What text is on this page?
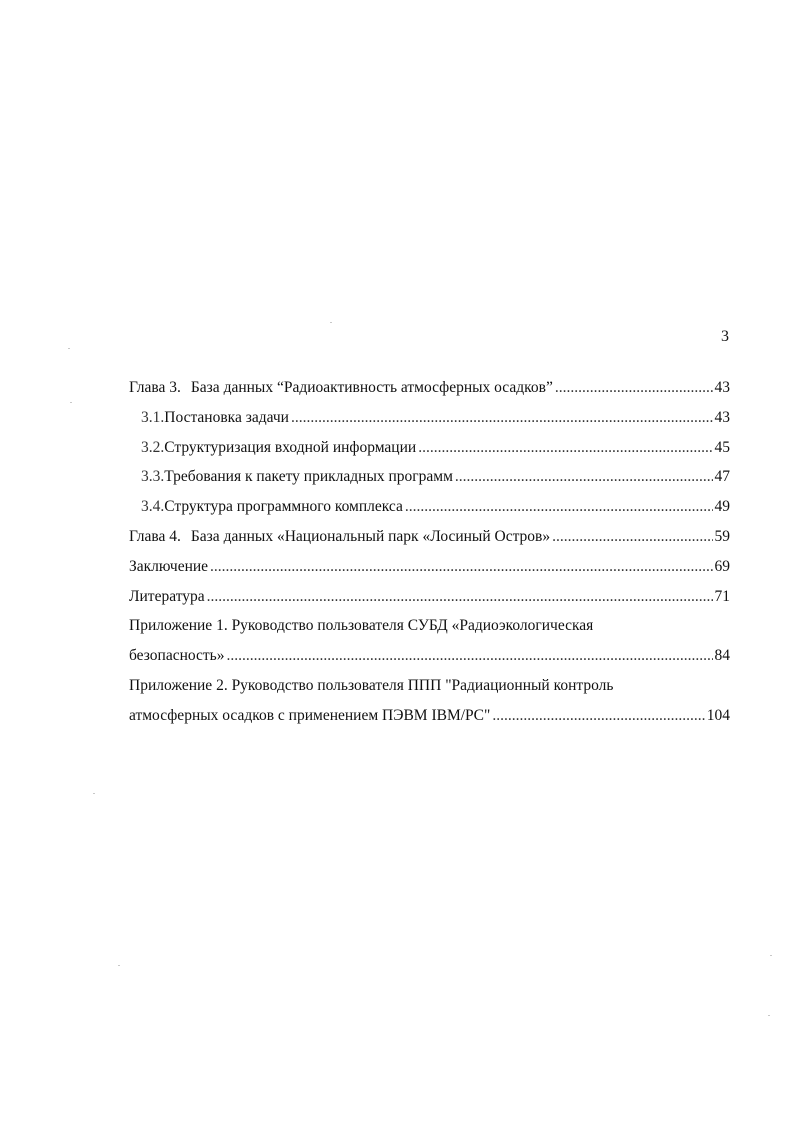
3
Глава 3. База данных “Радиоактивность атмосферных осадков” .....	43
3.1. Постановка задачи .....	43
3.2. Структуризация входной информации .....	45
3.3. Требования к пакету прикладных программ .....	47
3.4. Структура программного комплекса .....	49
Глава 4. База данных «Национальный парк «Лосиный Остров» .....	59
Заключение .....	69
Литература .....	71
Приложение 1. Руководство пользователя СУБД «Радиоэкологическая
безопасность» .....	84
Приложение 2. Руководство пользователя ППП "Радиационный контроль
атмосферных осадков с применением ПЭВМ IBM/PC" .....	104
